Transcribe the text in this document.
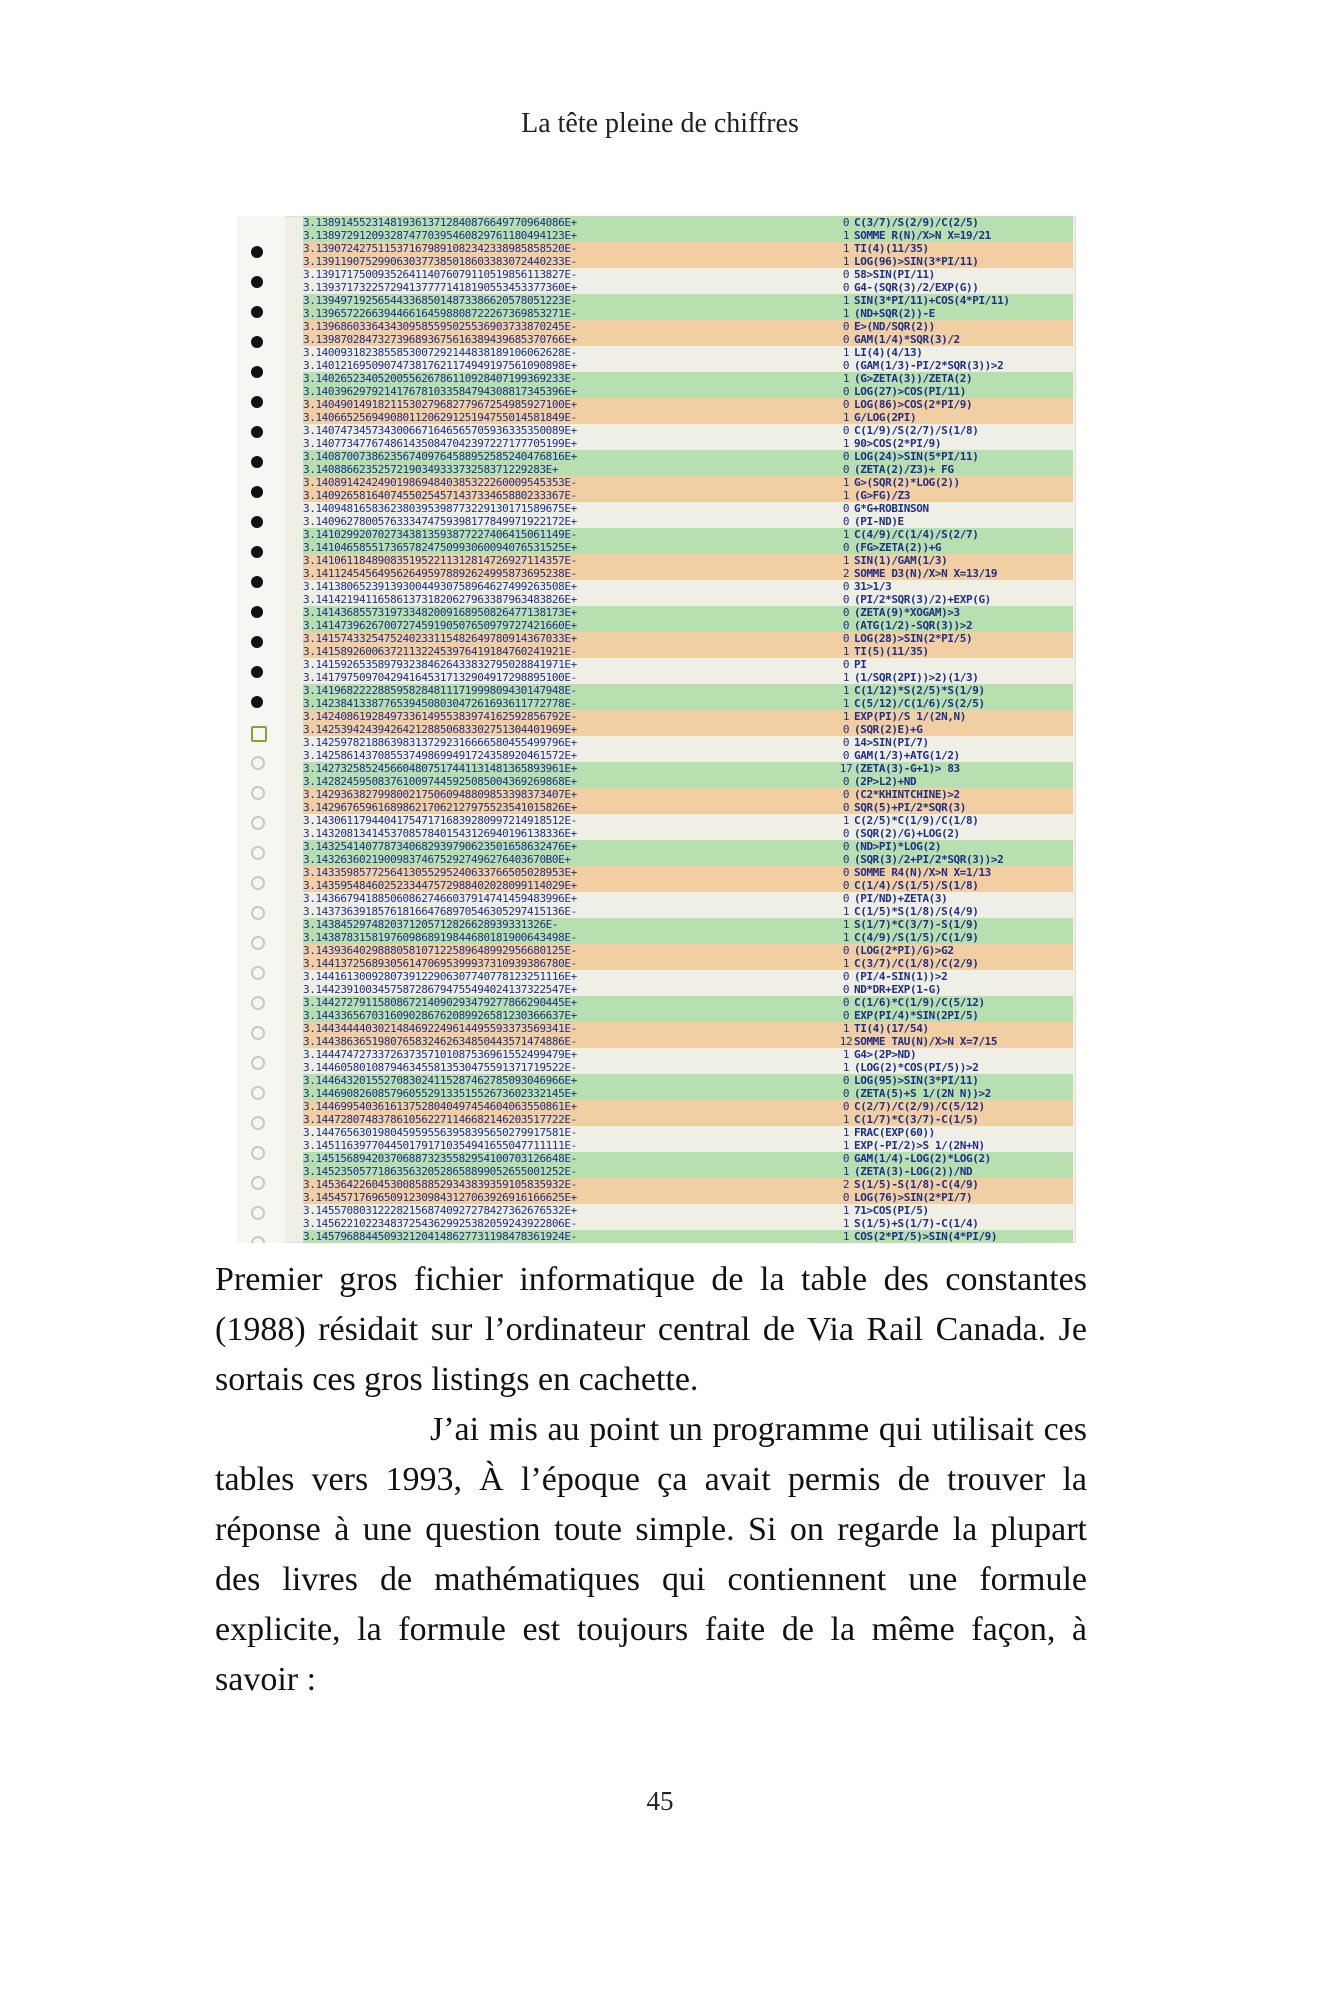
La tête pleine de chiffres
3.1389145523148193613712840876649770964086E+	0 C(3/7)/S(2/9)/C(2/5)
3.1389729120932874770395460829761180494123E+	1 SOMME R(N)/X>N X=19/21
3.1390724275115371679891082342338985858520E-	1 TI(4)(11/35)
3.1391190752990630377385018603383072440233E-	1 LOG(96)>SIN(3*PI/11)
3.1391717500935264114076079110519856113827E-	0 58>SIN(PI/11)
3.1393717322572941377771418190553453377360E+	0 G4-(SQR(3)/2/EXP(G))
3.1394971925654433685014873386620578051223E-	1 SIN(3*PI/11)+COS(4*PI/11)
3.1396572266394466164598808722267369853271E-	1 (ND+SQR(2))-E
3.1396860336434309585595025536903733870245E-	0 E>(ND/SQR(2))
3.1398702847327396893675616389439685370766E+	0 GAM(1/4)*SQR(3)/2
3.1400931823855853007292144838189106062628E-	1 LI(4)(4/13)
3.1401216950907473817621174949197561090898E+	0 (GAM(1/3)-PI/2*SQR(3))>2
3.1402652340520055626786110928407199369233E-	1 (G>ZETA(3))/ZETA(2)
3.1403962979214176781033584794308817345396E+	0 LOG(27)>COS(PI/11)
3.1404901491821153027968277967254985927100E+	0 LOG(86)>COS(2*PI/9)
3.1406652569490801120629125194755014581849E-	1 G/LOG(2PI)
3.1407473457343006671646565705936335350089E+	0 C(1/9)/S(2/7)/S(1/8)
3.1407734776748614350847042397227177705199E+	1 90>COS(2*PI/9)
3.1408700738623567409764588952585240476816E+	0 LOG(24)>SIN(5*PI/11)
3.1408866235257219034933373258371229283E+	0 (ZETA(2)/Z3)+ FG
3.1408914242490198694840385322260009545353E-	1 G>(SQR(2)*LOG(2))
3.1409265816407455025457143733465880233367E-	1 (G>FG)/Z3
3.1409481658362380395398773229130171589675E+	0 G*G+ROBINSON
3.1409627800576333474759398177849971922172E+	0 (PI-ND)E
3.1410299207027343813593877227406415061149E-	1 C(4/9)/C(1/4)/S(2/7)
3.1410465855173657824750993060094076531525E+	0 (FG>ZETA(2))+G
3.1410611848908351952211312814726927114357E-	1 SIN(1)/GAM(1/3)
3.1411245456495626495978892624995873695238E-	2 SOMME D3(N)/X>N X=13/19
3.1413806523913930044930758964627499263508E+	0 31>1/3
3.1414219411658613731820627963387963483826E+	0 (PI/2*SQR(3)/2)+EXP(G)
3.1414368557319733482009168950826477138173E+	0 (ZETA(9)*XOGAM)>3
3.1414739626700727459190507650979727421660E+	0 (ATG(1/2)-SQR(3))>2
3.1415743325475240233115482649780914367033E+	0 LOG(28)>SIN(2*PI/5)
3.1415892600637211322453976419184760241921E-	1 TI(5)(11/35)
3.1415926535897932384626433832795028841971E+	0 PI
3.1417975097042941645317132904917298895100E-	1 (1/SQR(2PI))>2)(1/3)
3.1419682222885958284811171999809430147948E-	1 C(1/12)*S(2/5)*S(1/9)
3.1423841338776539450803047261693611772778E-	1 C(5/12)/C(1/6)/S(2/5)
3.1424086192849733614955383974162592856792E-	1 EXP(PI)/S 1/(2N,N)
3.1425394243942642128850683302751304401969E+	0 (SQR(2)E)+G
3.1425978218863983137292316666580455499796E+	0 14>SIN(PI/7)
3.1425861437085537498699491724358920461572E+	0 GAM(1/3)+ATG(1/2)
3.1427325852456604807517441131481365893961E+	17 (ZETA(3)-G+1)> 83
3.1428245950837610097445925085004369269868E+	0 (2P>L2)+ND
3.1429363827998002175060948809853398373407E+	0 (C2*KHINTCHINE)>2
3.1429676596168986217062127975523541015826E+	0 SQR(5)+PI/2*SQR(3)
3.1430611794404175471716839280997214918512E-	1 C(2/5)*C(1/9)/C(1/8)
3.1432081341453708578401543126940196138336E+	0 (SQR(2)/G)+LOG(2)
3.1432541407787340682939790623501658632476E+	0 (ND>PI)*LOG(2)
3.1432636021900983746752927496276403670B0E+	0 (SQR(3)/2+PI/2*SQR(3))>2
3.1433598577256413055295240633766505028953E+	0 SOMME R4(N)/X>N X=1/13
3.1435954846025233447572988402028099114029E+	0 C(1/4)/S(1/5)/S(1/8)
3.1436679418850608627466037914741459483996E+	0 (PI/ND)+ZETA(3)
3.1437363918576181664768970546305297415136E-	1 C(1/5)*S(1/8)/S(4/9)
3.1438452974820371205712826628939331326E-	1 S(1/7)*C(3/7)-S(1/9)
3.1438783158197609868919844680181900643498E-	1 C(4/9)/S(1/5)/C(1/9)
3.1439364029888058107122589648992956680125E-	0 (LOG(2*PI)/G)>G2
3.1441372568930561470695399937310939386780E-	1 C(3/7)/C(1/8)/C(2/9)
3.1441613009280739122906307740778123251116E+	0 (PI/4-SIN(1))>2
3.1442391003457587286794755494024137322547E+	0 ND*DR+EXP(1-G)
3.1442727911580867214090293479277866290445E+	0 C(1/6)*C(1/9)/C(5/12)
3.1443365670316090286762089926581230366637E+	0 EXP(PI/4)*SIN(2PI/5)
3.1443444403021484692249614495593373569341E-	1 TI(4)(17/54)
3.1443863651980765832462634850443571474886E-	12 SOMME TAU(N)/X>N X=7/15
3.1444747273372637357101087536961552499479E+	1 G4>(2P>ND)
3.1446058010879463455813530475591371719522E-	1 (LOG(2)*COS(PI/5))>2
3.1446432015527083024115287462785093046966E+	0 LOG(95)>SIN(3*PI/11)
3.1446908260857960552913351552673602332145E+	0 (ZETA(5)+S 1/(2N N))>2
3.1446995403616137528040497454604063550861E+	0 C(2/7)/C(2/9)/C(5/12)
3.1447280748378610562271146682146203517722E-	1 C(1/7)*C(3/7)-C(1/5)
3.1447656301980459595563958395650279917581E-	1 FRAC(EXP(60))
3.1451163977044501791710354941655047711111E-	1 EXP(-PI/2)>S 1/(2N+N)
3.1451568942037068873235582954100703126648E-	0 GAM(1/4)-LOG(2)*LOG(2)
3.1452350577186356320528658899052655001252E-	1 (ZETA(3)-LOG(2))/ND
3.1453642260453008588529343839359105835932E-	2 S(1/5)-S(1/8)-C(4/9)
3.1454571769650912309843127063926916166625E+	0 LOG(76)>SIN(2*PI/7)
3.1455708031222821568740927278427362676532E+	1 71>COS(PI/5)
3.1456221022348372543629925382059243922806E-	1 S(1/5)+S(1/7)-C(1/4)
3.1457968844509321204148627731198478361924E-	1 COS(2*PI/5)>SIN(4*PI/9)

Premier gros fichier informatique de la table des constantes (1988) résidait sur l’ordinateur central de Via Rail Canada. Je sortais ces gros listings en cachette.

J’ai mis au point un programme qui utilisait ces tables vers 1993, À l’époque ça avait permis de trouver la réponse à une question toute simple. Si on regarde la plupart des livres de mathématiques qui contiennent une formule explicite, la formule est toujours faite de la même façon, à savoir :

45
